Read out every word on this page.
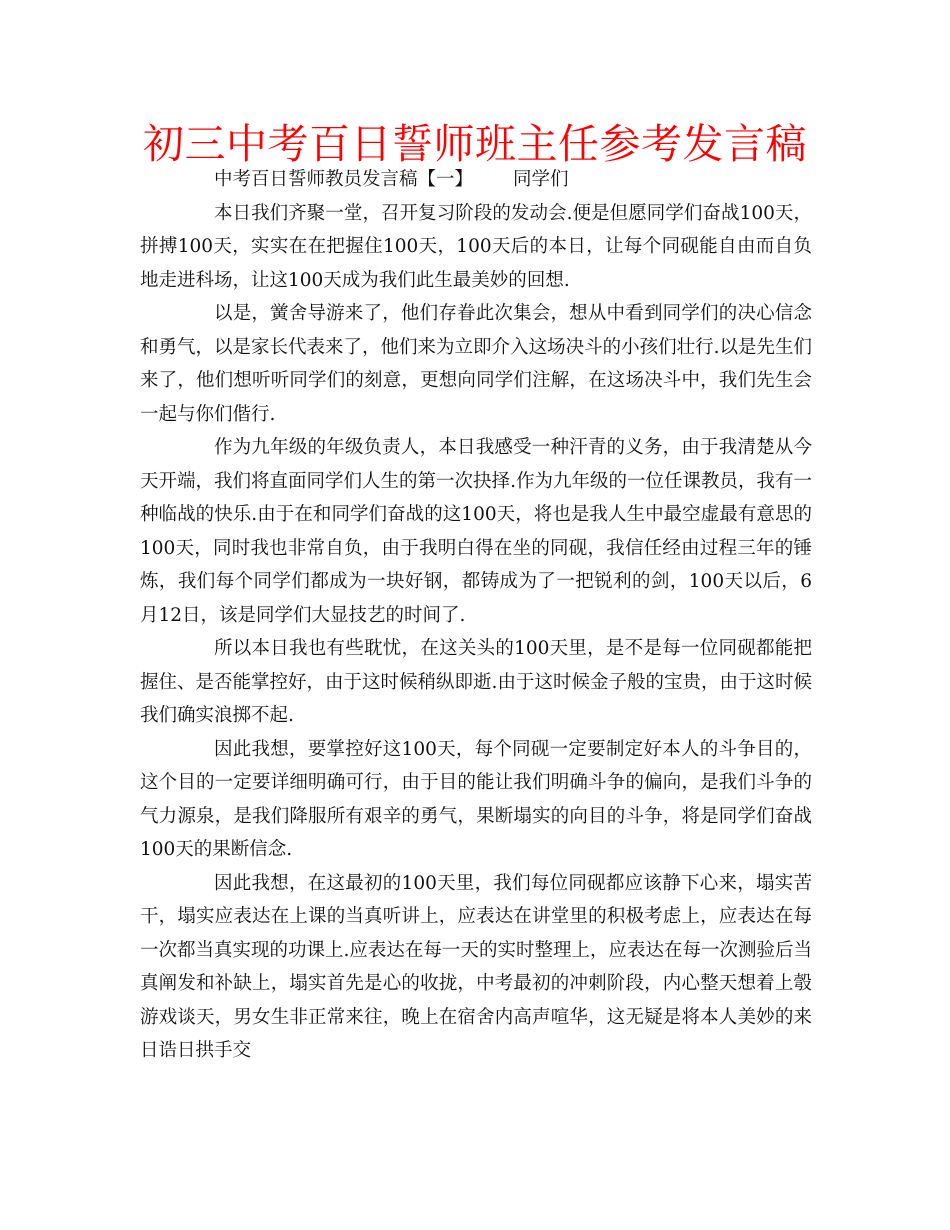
初三中考百日誓师班主任参考发言稿

中考百日誓师教员发言稿【一】 同学们

本日我们齐聚一堂，召开复习阶段的发动会.便是但愿同学们奋战100天，拼搏100天，实实在在把握住100天，100天后的本日，让每个同砚能自由而自负地走进科场，让这100天成为我们此生最美妙的回想.

以是，黉舍导游来了，他们存眷此次集会，想从中看到同学们的决心信念和勇气，以是家长代表来了，他们来为立即介入这场决斗的小孩们壮行.以是先生们来了，他们想听听同学们的刻意，更想向同学们注解，在这场决斗中，我们先生会一起与你们偕行.

作为九年级的年级负责人，本日我感受一种汗青的义务，由于我清楚从今天开端，我们将直面同学们人生的第一次抉择.作为九年级的一位任课教员，我有一种临战的快乐.由于在和同学们奋战的这100天，将也是我人生中最空虚最有意思的100天，同时我也非常自负，由于我明白得在坐的同砚，我信任经由过程三年的锤炼，我们每个同学们都成为一块好钢，都铸成为了一把锐利的剑，100天以后，6月12日，该是同学们大显技艺的时间了.

所以本日我也有些耽忧，在这关头的100天里，是不是每一位同砚都能把握住、是否能掌控好，由于这时候稍纵即逝.由于这时候金子般的宝贵，由于这时候我们确实浪掷不起.

因此我想，要掌控好这100天，每个同砚一定要制定好本人的斗争目的，这个目的一定要详细明确可行，由于目的能让我们明确斗争的偏向，是我们斗争的气力源泉，是我们降服所有艰辛的勇气，果断塌实的向目的斗争，将是同学们奋战100天的果断信念.

因此我想，在这最初的100天里，我们每位同砚都应该静下心来，塌实苦干，塌实应表达在上课的当真听讲上，应表达在讲堂里的积极考虑上，应表达在每一次都当真实现的功课上.应表达在每一天的实时整理上，应表达在每一次测验后当真阐发和补缺上，塌实首先是心的收拢，中考最初的冲刺阶段，内心整天想着上彀游戏谈天，男女生非正常来往，晚上在宿舍内高声喧华，这无疑是将本人美妙的来日诰日拱手交
